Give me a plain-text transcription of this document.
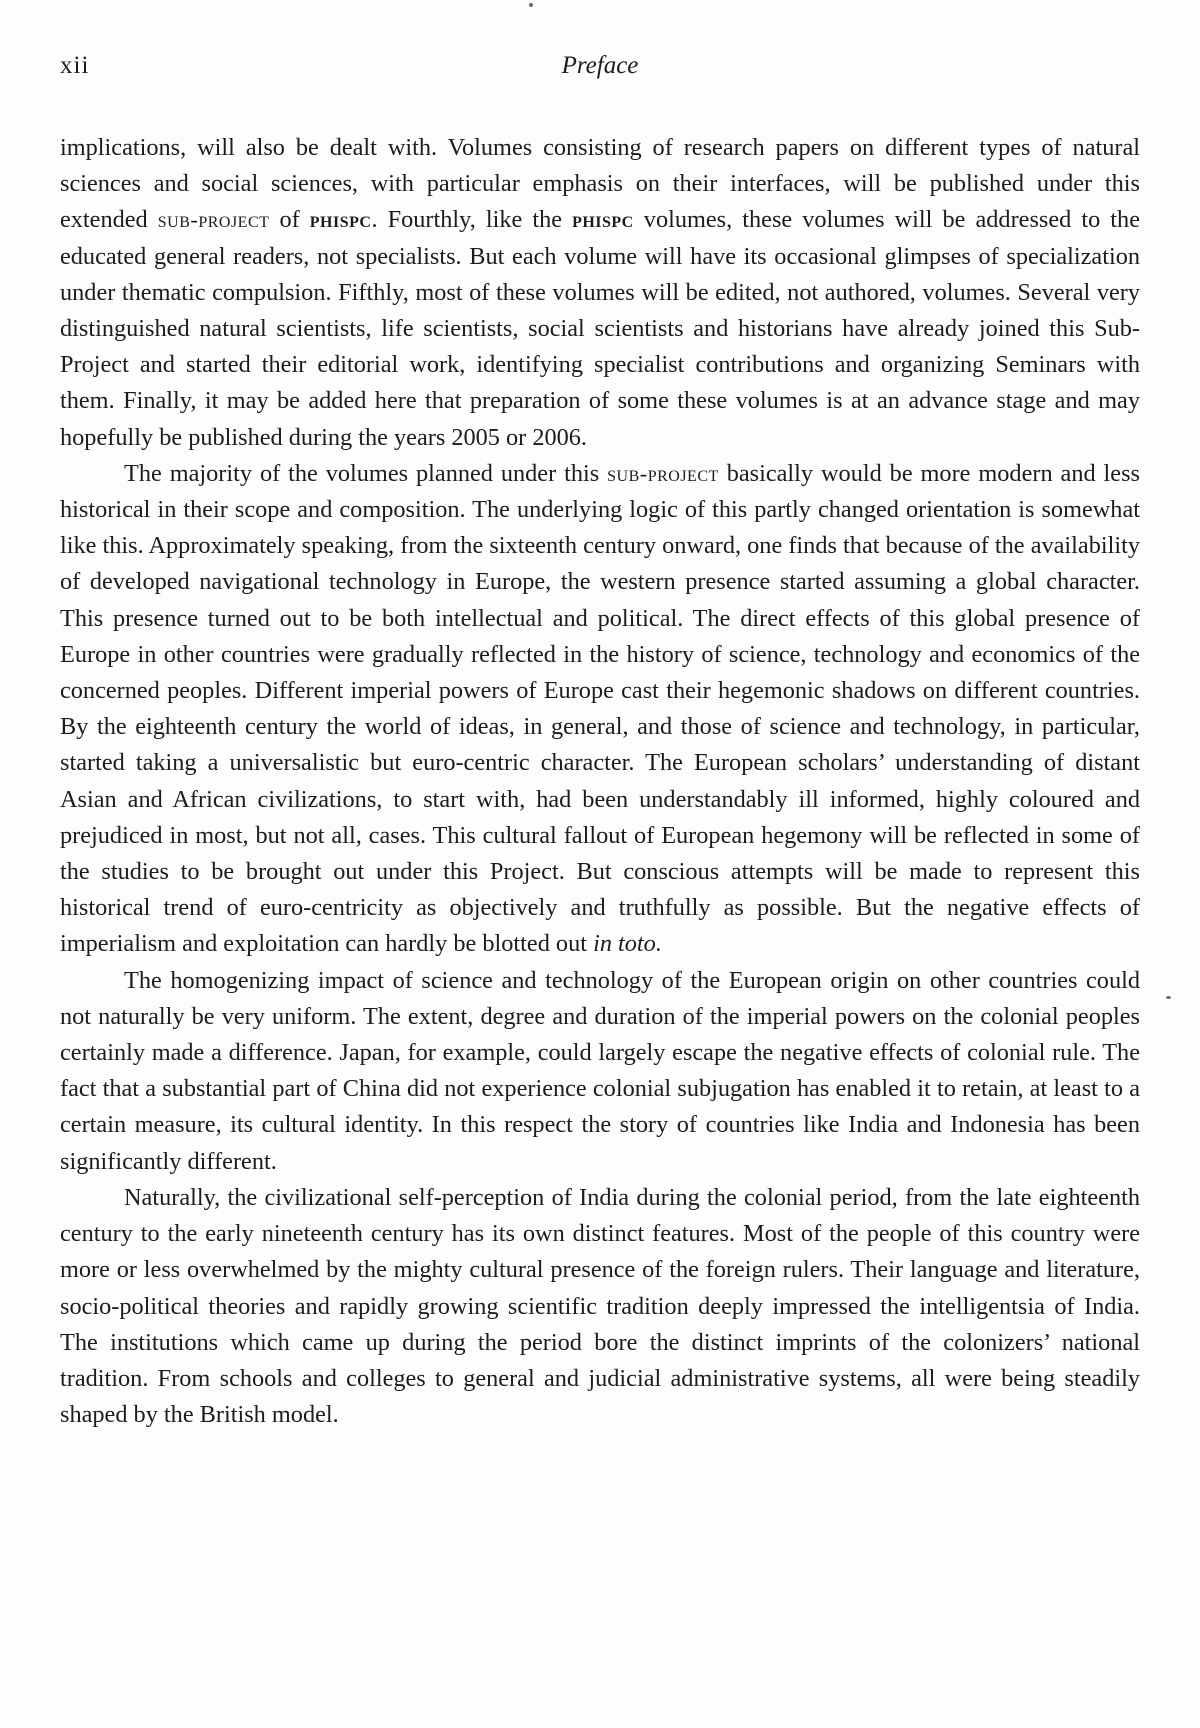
xii	Preface

implications, will also be dealt with. Volumes consisting of research papers on different types of natural sciences and social sciences, with particular emphasis on their interfaces, will be published under this extended sub-project of phispc. Fourthly, like the phispc volumes, these volumes will be addressed to the educated general readers, not specialists. But each volume will have its occasional glimpses of specialization under thematic compulsion. Fifthly, most of these volumes will be edited, not authored, volumes. Several very distinguished natural scientists, life scientists, social scientists and historians have already joined this Sub-Project and started their editorial work, identifying specialist contributions and organizing Seminars with them. Finally, it may be added here that preparation of some these volumes is at an advance stage and may hopefully be published during the years 2005 or 2006.

The majority of the volumes planned under this sub-project basically would be more modern and less historical in their scope and composition. The underlying logic of this partly changed orientation is somewhat like this. Approximately speaking, from the sixteenth century onward, one finds that because of the availability of developed navigational technology in Europe, the western presence started assuming a global character. This presence turned out to be both intellectual and political. The direct effects of this global presence of Europe in other countries were gradually reflected in the history of science, technology and economics of the concerned peoples. Different imperial powers of Europe cast their hegemonic shadows on different countries. By the eighteenth century the world of ideas, in general, and those of science and technology, in particular, started taking a universalistic but euro-centric character. The European scholars’ understanding of distant Asian and African civilizations, to start with, had been understandably ill informed, highly coloured and prejudiced in most, but not all, cases. This cultural fallout of European hegemony will be reflected in some of the studies to be brought out under this Project. But conscious attempts will be made to represent this historical trend of euro-centricity as objectively and truthfully as possible. But the negative effects of imperialism and exploitation can hardly be blotted out in toto.

The homogenizing impact of science and technology of the European origin on other countries could not naturally be very uniform. The extent, degree and duration of the imperial powers on the colonial peoples certainly made a difference. Japan, for example, could largely escape the negative effects of colonial rule. The fact that a substantial part of China did not experience colonial subjugation has enabled it to retain, at least to a certain measure, its cultural identity. In this respect the story of countries like India and Indonesia has been significantly different.

Naturally, the civilizational self-perception of India during the colonial period, from the late eighteenth century to the early nineteenth century has its own distinct features. Most of the people of this country were more or less overwhelmed by the mighty cultural presence of the foreign rulers. Their language and literature, socio-political theories and rapidly growing scientific tradition deeply impressed the intelligentsia of India. The institutions which came up during the period bore the distinct imprints of the colonizers’ national tradition. From schools and colleges to general and judicial administrative systems, all were being steadily shaped by the British model.
